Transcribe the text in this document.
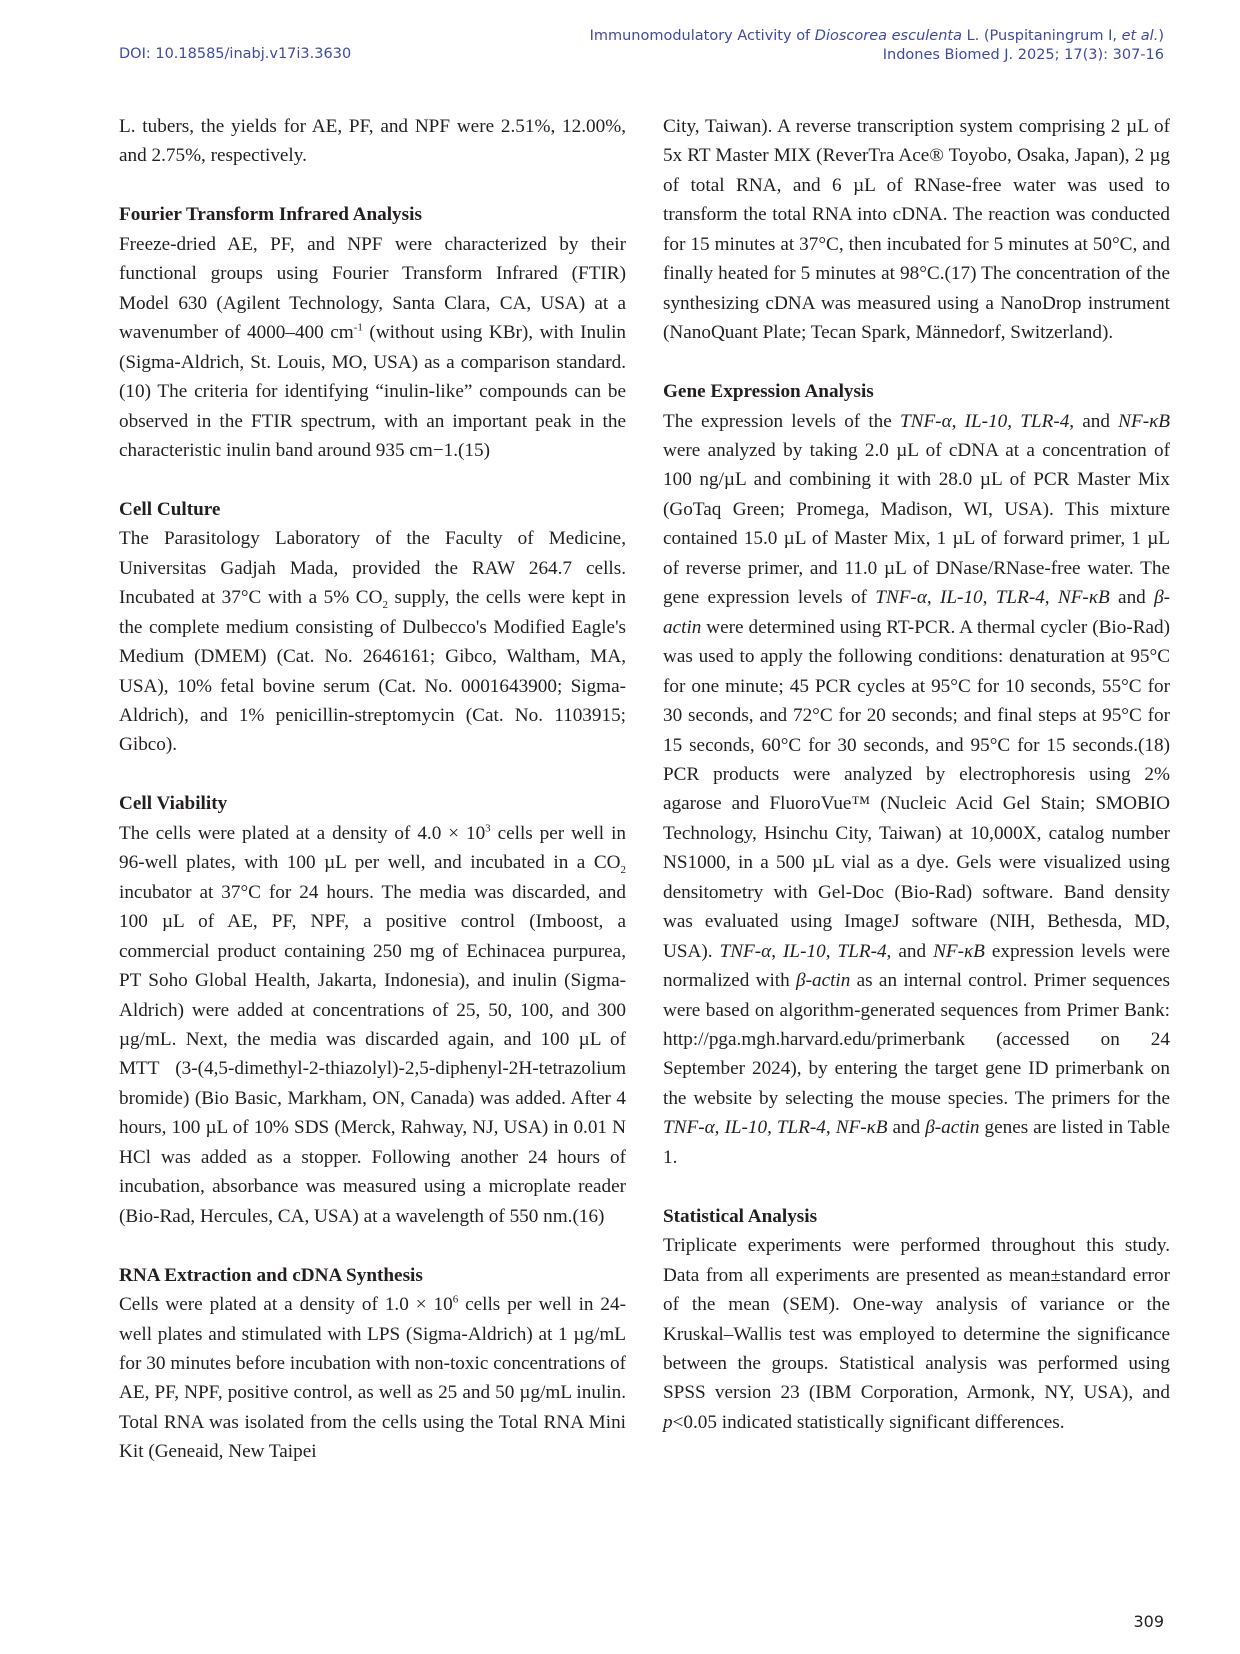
DOI: 10.18585/inabj.v17i3.3630
Immunomodulatory Activity of Dioscorea esculenta L. (Puspitaningrum I, et al.)
Indones Biomed J. 2025; 17(3): 307-16

L. tubers, the yields for AE, PF, and NPF were 2.51%, 12.00%, and 2.75%, respectively.

Fourier Transform Infrared Analysis

Freeze-dried AE, PF, and NPF were characterized by their functional groups using Fourier Transform Infrared (FTIR) Model 630 (Agilent Technology, Santa Clara, CA, USA) at a wavenumber of 4000–400 $cm^{-1}$ (without using KBr), with Inulin (Sigma-Aldrich, St. Louis, MO, USA) as a comparison standard.(10) The criteria for identifying “inulin-like” compounds can be observed in the FTIR spectrum, with an important peak in the characteristic inulin band around 935 cm−1.(15)

Cell Culture

The Parasitology Laboratory of the Faculty of Medicine, Universitas Gadjah Mada, provided the RAW 264.7 cells. Incubated at 37°C with a 5% $CO_2$ supply, the cells were kept in the complete medium consisting of Dulbecco's Modified Eagle's Medium (DMEM) (Cat. No. 2646161; Gibco, Waltham, MA, USA), 10% fetal bovine serum (Cat. No. 0001643900; Sigma-Aldrich), and 1% penicillin-streptomycin (Cat. No. 1103915; Gibco).

Cell Viability

The cells were plated at a density of $4.0 \times 10^3$ cells per well in 96-well plates, with 100 µL per well, and incubated in a $CO_2$ incubator at 37°C for 24 hours. The media was discarded, and 100 µL of AE, PF, NPF, a positive control (Imboost, a commercial product containing 250 mg of Echinacea purpurea, PT Soho Global Health, Jakarta, Indonesia), and inulin (Sigma-Aldrich) were added at concentrations of 25, 50, 100, and 300 µg/mL. Next, the media was discarded again, and 100 µL of MTT (3-(4,5-dimethyl-2-thiazolyl)-2,5-diphenyl-2H-tetrazolium bromide) (Bio Basic, Markham, ON, Canada) was added. After 4 hours, 100 µL of 10% SDS (Merck, Rahway, NJ, USA) in 0.01 N HCl was added as a stopper. Following another 24 hours of incubation, absorbance was measured using a microplate reader (Bio-Rad, Hercules, CA, USA) at a wavelength of 550 nm.(16)

RNA Extraction and cDNA Synthesis

Cells were plated at a density of $1.0 \times 10^6$ cells per well in 24-well plates and stimulated with LPS (Sigma-Aldrich) at 1 µg/mL for 30 minutes before incubation with non-toxic concentrations of AE, PF, NPF, positive control, as well as 25 and 50 µg/mL inulin. Total RNA was isolated from the cells using the Total RNA Mini Kit (Geneaid, New Taipei

City, Taiwan). A reverse transcription system comprising 2 µL of 5x RT Master MIX (ReverTra Ace® Toyobo, Osaka, Japan), 2 µg of total RNA, and 6 µL of RNase-free water was used to transform the total RNA into cDNA. The reaction was conducted for 15 minutes at 37°C, then incubated for 5 minutes at 50°C, and finally heated for 5 minutes at 98°C.(17) The concentration of the synthesizing cDNA was measured using a NanoDrop instrument (NanoQuant Plate; Tecan Spark, Männedorf, Switzerland).

Gene Expression Analysis

The expression levels of the TNF-α, IL-10, TLR-4, and NF-κB were analyzed by taking 2.0 µL of cDNA at a concentration of 100 ng/µL and combining it with 28.0 µL of PCR Master Mix (GoTaq Green; Promega, Madison, WI, USA). This mixture contained 15.0 µL of Master Mix, 1 µL of forward primer, 1 µL of reverse primer, and 11.0 µL of DNase/RNase-free water. The gene expression levels of TNF-α, IL-10, TLR-4, NF-κB and β-actin were determined using RT-PCR. A thermal cycler (Bio-Rad) was used to apply the following conditions: denaturation at 95°C for one minute; 45 PCR cycles at 95°C for 10 seconds, 55°C for 30 seconds, and 72°C for 20 seconds; and final steps at 95°C for 15 seconds, 60°C for 30 seconds, and 95°C for 15 seconds.(18) PCR products were analyzed by electrophoresis using 2% agarose and FluoroVue™ (Nucleic Acid Gel Stain; SMOBIO Technology, Hsinchu City, Taiwan) at 10,000X, catalog number NS1000, in a 500 µL vial as a dye. Gels were visualized using densitometry with Gel-Doc (Bio-Rad) software. Band density was evaluated using ImageJ software (NIH, Bethesda, MD, USA). TNF-α, IL-10, TLR-4, and NF-κB expression levels were normalized with β-actin as an internal control. Primer sequences were based on algorithm-generated sequences from Primer Bank: http://pga.mgh.harvard.edu/primerbank (accessed on 24 September 2024), by entering the target gene ID primerbank on the website by selecting the mouse species. The primers for the TNF-α, IL-10, TLR-4, NF-κB and β-actin genes are listed in Table 1.

Statistical Analysis

Triplicate experiments were performed throughout this study. Data from all experiments are presented as mean±standard error of the mean (SEM). One-way analysis of variance or the Kruskal–Wallis test was employed to determine the significance between the groups. Statistical analysis was performed using SPSS version 23 (IBM Corporation, Armonk, NY, USA), and p<0.05 indicated statistically significant differences.

309
